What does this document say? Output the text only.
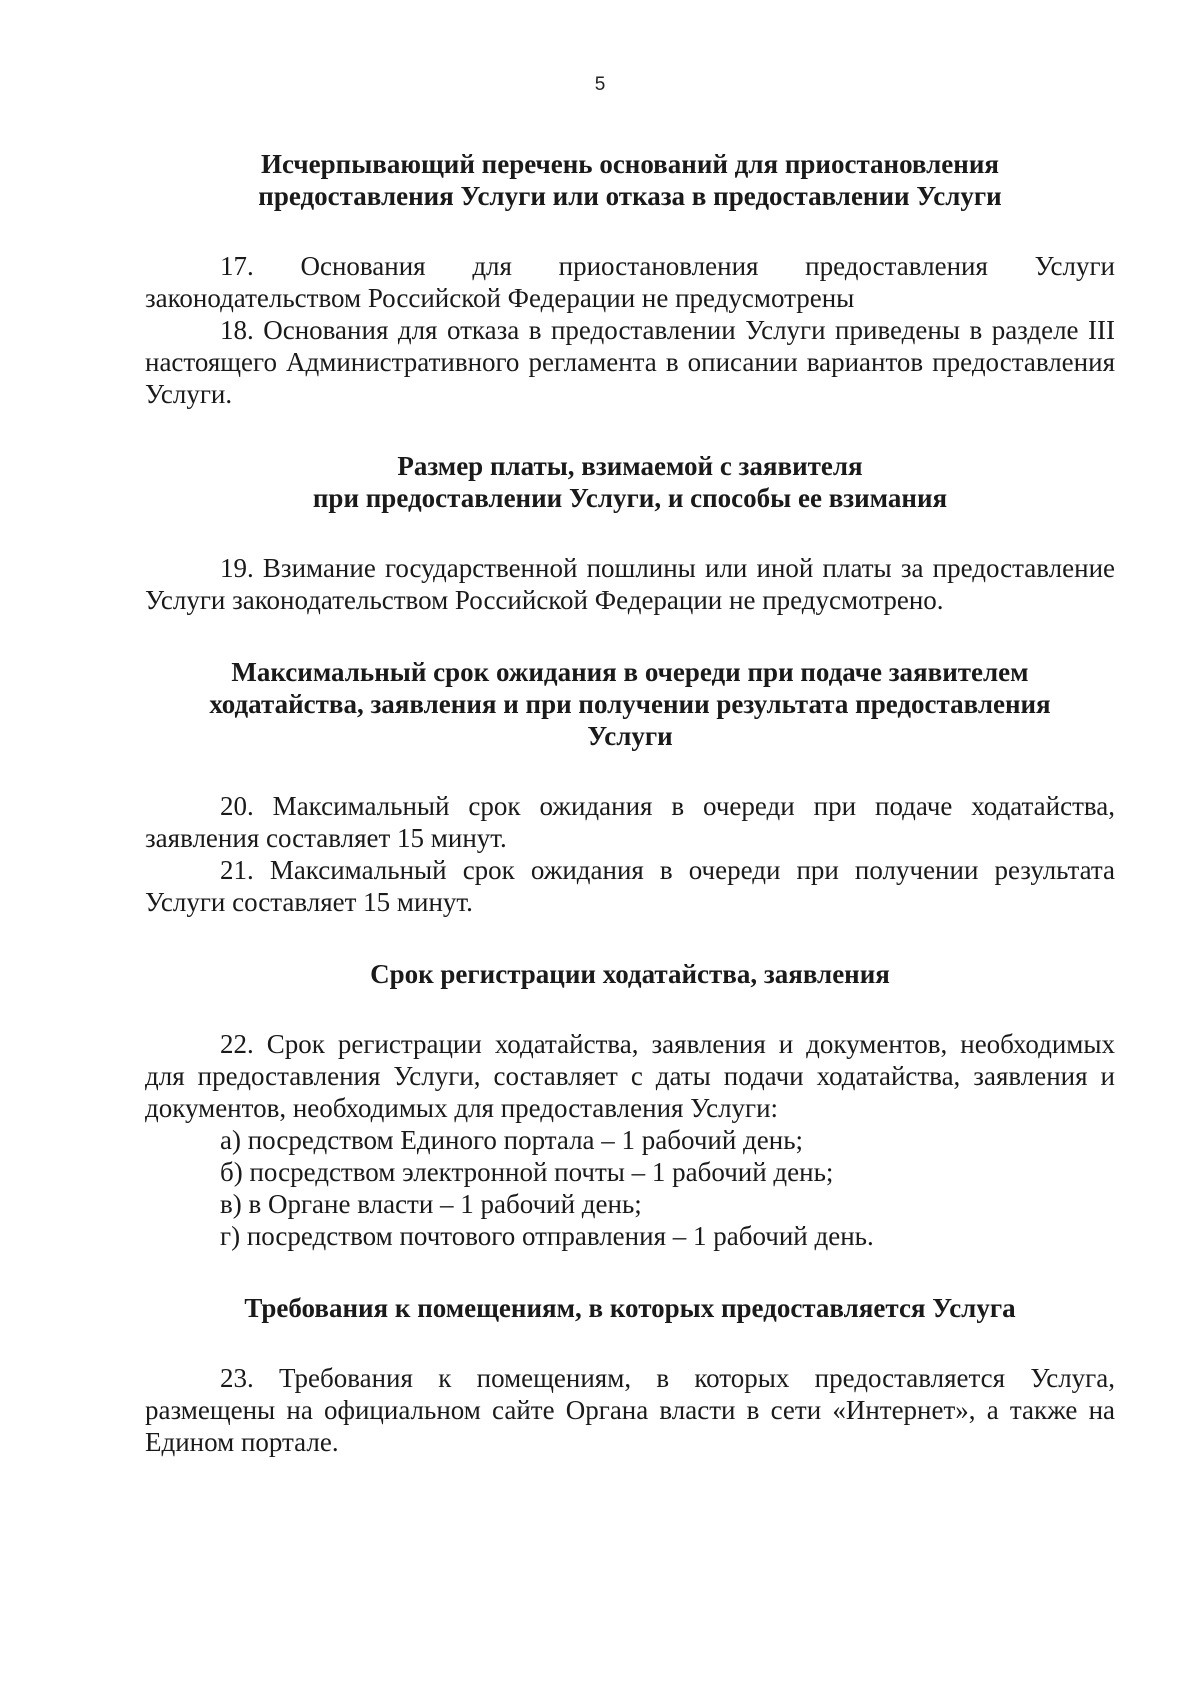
5
Исчерпывающий перечень оснований для приостановления
предоставления Услуги или отказа в предоставлении Услуги

17. Основания для приостановления предоставления Услуги законодательством Российской Федерации не предусмотрены

18. Основания для отказа в предоставлении Услуги приведены в разделе III настоящего Административного регламента в описании вариантов предоставления Услуги.

Размер платы, взимаемой с заявителя
при предоставлении Услуги, и способы ее взимания

19. Взимание государственной пошлины или иной платы за предоставление Услуги законодательством Российской Федерации не предусмотрено.

Максимальный срок ожидания в очереди при подаче заявителем
ходатайства, заявления и при получении результата предоставления
Услуги

20. Максимальный срок ожидания в очереди при подаче ходатайства, заявления составляет 15 минут.

21. Максимальный срок ожидания в очереди при получении результата Услуги составляет 15 минут.

Срок регистрации ходатайства, заявления

22. Срок регистрации ходатайства, заявления и документов, необходимых для предоставления Услуги, составляет с даты подачи ходатайства, заявления и документов, необходимых для предоставления Услуги:

а) посредством Единого портала – 1 рабочий день;
б) посредством электронной почты – 1 рабочий день;
в) в Органе власти – 1 рабочий день;
г) посредством почтового отправления – 1 рабочий день.
Требования к помещениям, в которых предоставляется Услуга

23. Требования к помещениям, в которых предоставляется Услуга, размещены на официальном сайте Органа власти в сети «Интернет», а также на Едином портале.
